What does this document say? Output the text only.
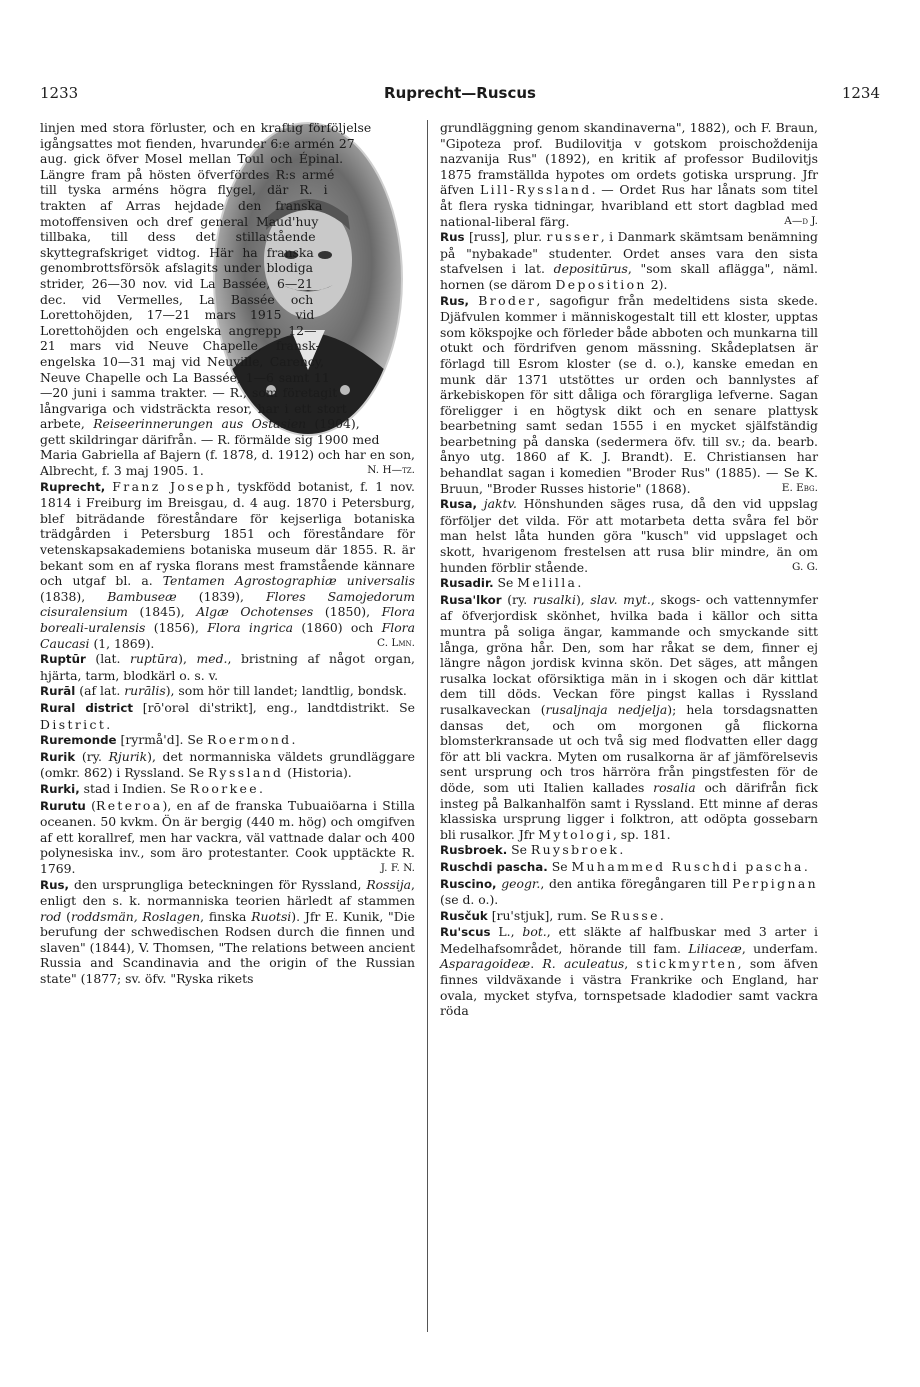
1233	Ruprecht—Ruscus	1234

linjen med stora förluster, och en kraftig förföljelse igångsattes mot fienden, hvarunder 6:e armén 27 aug. gick öfver Mosel mellan Toul och Épinal. Längre fram på hösten öfverfördes R:s armé till tyska arméns högra flygel, där R. i trakten af Arras hejdade den franska motoffensiven och dref general Maud'huy tillbaka, till dess det stillastående skyttegrafskriget vidtog. Här ha franska genombrottsförsök afslagits under blodiga strider, 26—30 nov. vid La Bassée, 6—21 dec. vid Vermelles, La Bassée och Lorettohöjden, 17—21 mars 1915 vid Lorettohöjden och engelska angrepp 12—21 mars vid Neuve Chapelle, fransk-engelska 10—31 maj vid Neuville, Carency, Neuve Chapelle och La Bassée, 1—6 samt 11—20 juni i samma trakter. — R., som företagit långvariga och vidsträckta resor, har i ett stort arbete, Reiseerinnerungen aus Ostasien (1904), gett skildringar därifrån. — R. förmälde sig 1900 med Maria Gabriella af Bajern (f. 1878, d. 1912) och har en son, Albrecht, f. 3 maj 1905. 1.	N. H—tz.

Ruprecht, Franz Joseph, tyskfödd botanist, f. 1 nov. 1814 i Freiburg im Breisgau, d. 4 aug. 1870 i Petersburg, blef biträdande föreståndare för kejserliga botaniska trädgården i Petersburg 1851 och föreståndare för vetenskapsakademiens botaniska museum där 1855. R. är bekant som en af ryska florans mest framstående kännare och utgaf bl. a. Tentamen Agrostographiæ universalis (1838), Bambuseæ (1839), Flores Samojedorum cisuralensium (1845), Algæ Ochotenses (1850), Flora boreali-uralensis (1856), Flora ingrica (1860) och Flora Caucasi (1, 1869).	C. Lmn.

Ruptūr (lat. ruptūra), med., bristning af något organ, hjärta, tarm, blodkärl o. s. v.

Rurāl (af lat. rurālis), som hör till landet; landtlig, bondsk.

Rural district [rō'orəl di'strikt], eng., landtdistrikt. Se District.

Ruremonde [ryrmå'd]. Se Roermond.

Rurik (ry. Rjurik), det normanniska väldets grundläggare (omkr. 862) i Ryssland. Se Ryssland (Historia).

Rurki, stad i Indien. Se Roorkee.

Rurutu (Reteroa), en af de franska Tubuaiöarna i Stilla oceanen. 50 kvkm. Ön är bergig (440 m. hög) och omgifven af ett korallref, men har vackra, väl vattnade dalar och 400 polynesiska inv., som äro protestanter. Cook upptäckte R. 1769.	J. F. N.

Rus, den ursprungliga beteckningen för Ryssland, Rossija, enligt den s. k. normanniska teorien härledt af stammen rod (roddsmän, Roslagen, finska Ruotsi). Jfr E. Kunik, "Die berufung der schwedischen Rodsen durch die finnen und slaven" (1844), V. Thomsen, "The relations between ancient Russia and Scandinavia and the origin of the Russian state" (1877; sv. öfv. "Ryska rikets

grundläggning genom skandinaverna", 1882), och F. Braun, "Gipoteza prof. Budilovitja v gotskom proischoždenija nazvanija Rus" (1892), en kritik af professor Budilovitjs 1875 framställda hypotes om ordets gotiska ursprung. Jfr äfven Lill-Ryssland. — Ordet Rus har lånats som titel åt flera ryska tidningar, hvaribland ett stort dagblad med national-liberal färg.	A—d J.

Rus [russ], plur. russer, i Danmark skämtsam benämning på "nybakade" studenter. Ordet anses vara den sista stafvelsen i lat. depositūrus, "som skall aflägga", näml. hornen (se därom Deposition 2).

Rus, Broder, sagofigur från medeltidens sista skede. Djäfvulen kommer i människogestalt till ett kloster, upptas som kökspojke och förleder både abboten och munkarna till otukt och fördrifven genom mässning. Skådeplatsen är förlagd till Esrom kloster (se d. o.), kanske emedan en munk där 1371 utstöttes ur orden och bannlystes af ärkebiskopen för sitt dåliga och förargliga lefverne. Sagan föreligger i en högtysk dikt och en senare plattysk bearbetning samt sedan 1555 i en mycket själfständig bearbetning på danska (sedermera öfv. till sv.; da. bearb. ånyo utg. 1860 af K. J. Brandt). E. Christiansen har behandlat sagan i komedien "Broder Rus" (1885). — Se K. Bruun, "Broder Russes historie" (1868).	E. Ebg.

Rusa, jaktv. Hönshunden säges rusa, då den vid uppslag förföljer det vilda. För att motarbeta detta svåra fel bör man helst låta hunden göra "kusch" vid uppslaget och skott, hvarigenom frestelsen att rusa blir mindre, än om hunden förblir stående.	G. G.

Rusadir. Se Melilla.

Rusa'lkor (ry. rusalki), slav. myt., skogs- och vattennymfer af öfverjordisk skönhet, hvilka bada i källor och sitta muntra på soliga ängar, kammande och smyckande sitt långa, gröna hår. Den, som har råkat se dem, finner ej längre någon jordisk kvinna skön. Det säges, att mången rusalka lockat oförsiktiga män in i skogen och där kittlat dem till döds. Veckan före pingst kallas i Ryssland rusalkaveckan (rusaljnaja nedjelja); hela torsdagsnatten dansas det, och om morgonen gå flickorna blomsterkransade ut och två sig med flodvatten eller dagg för att bli vackra. Myten om rusalkorna är af jämförelsevis sent ursprung och tros härröra från pingstfesten för de döde, som uti Italien kallades rosalia och därifrån fick insteg på Balkanhalfön samt i Ryssland. Ett minne af deras klassiska ursprung ligger i folktron, att odöpta gossebarn bli rusalkor. Jfr Mytologi, sp. 181.

Rusbroek. Se Ruysbroek.

Ruschdi pascha. Se Muhammed Ruschdi pascha.

Ruscino, geogr., den antika föregångaren till Perpignan (se d. o.).

Rusčuk [ru'stjuk], rum. Se Russe.

Ru'scus L., bot., ett släkte af halfbuskar med 3 arter i Medelhafsområdet, hörande till fam. Liliaceæ, underfam. Asparagoideæ. R. aculeatus, stickmyrten, som äfven finnes vildväxande i västra Frankrike och England, har ovala, mycket styfva, tornspetsade kladodier samt vackra röda
